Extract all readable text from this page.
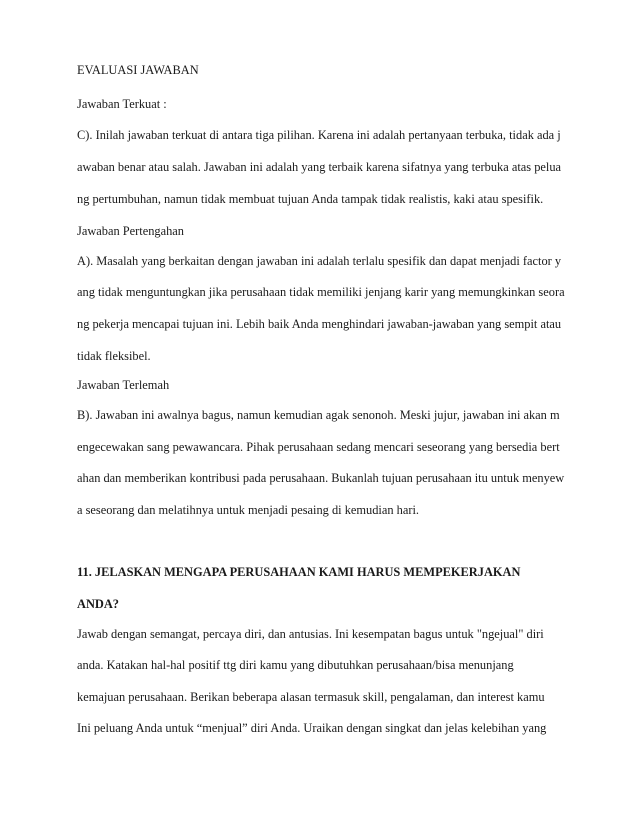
EVALUASI JAWABAN
Jawaban Terkuat :
C). Inilah jawaban terkuat di antara tiga pilihan. Karena ini adalah pertanyaan terbuka, tidak ada j
awaban benar atau salah. Jawaban ini adalah yang terbaik karena sifatnya yang terbuka atas pelua
ng pertumbuhan, namun tidak membuat tujuan Anda tampak tidak realistis, kaki atau spesifik.
Jawaban Pertengahan
A). Masalah yang berkaitan dengan jawaban ini adalah terlalu spesifik dan dapat menjadi factor y
ang tidak menguntungkan jika perusahaan tidak memiliki jenjang karir yang memungkinkan seora
ng pekerja mencapai tujuan ini. Lebih baik Anda menghindari jawaban-jawaban yang sempit atau
tidak fleksibel.
Jawaban Terlemah
B). Jawaban ini awalnya bagus, namun kemudian agak senonoh. Meski jujur, jawaban ini akan m
engecewakan sang pewawancara. Pihak perusahaan sedang mencari seseorang yang bersedia bert
ahan dan memberikan kontribusi pada perusahaan. Bukanlah tujuan perusahaan itu untuk menyew
a seseorang dan melatihnya untuk menjadi pesaing di kemudian hari.
11. JELASKAN MENGAPA PERUSAHAAN KAMI HARUS MEMPEKERJAKAN
ANDA?
Jawab dengan semangat, percaya diri, dan antusias. Ini kesempatan bagus untuk "ngejual" diri
anda. Katakan hal-hal positif ttg diri kamu yang dibutuhkan perusahaan/bisa menunjang
kemajuan perusahaan. Berikan beberapa alasan termasuk skill, pengalaman, dan interest kamu
Ini peluang Anda untuk “menjual” diri Anda. Uraikan dengan singkat dan jelas kelebihan yang
